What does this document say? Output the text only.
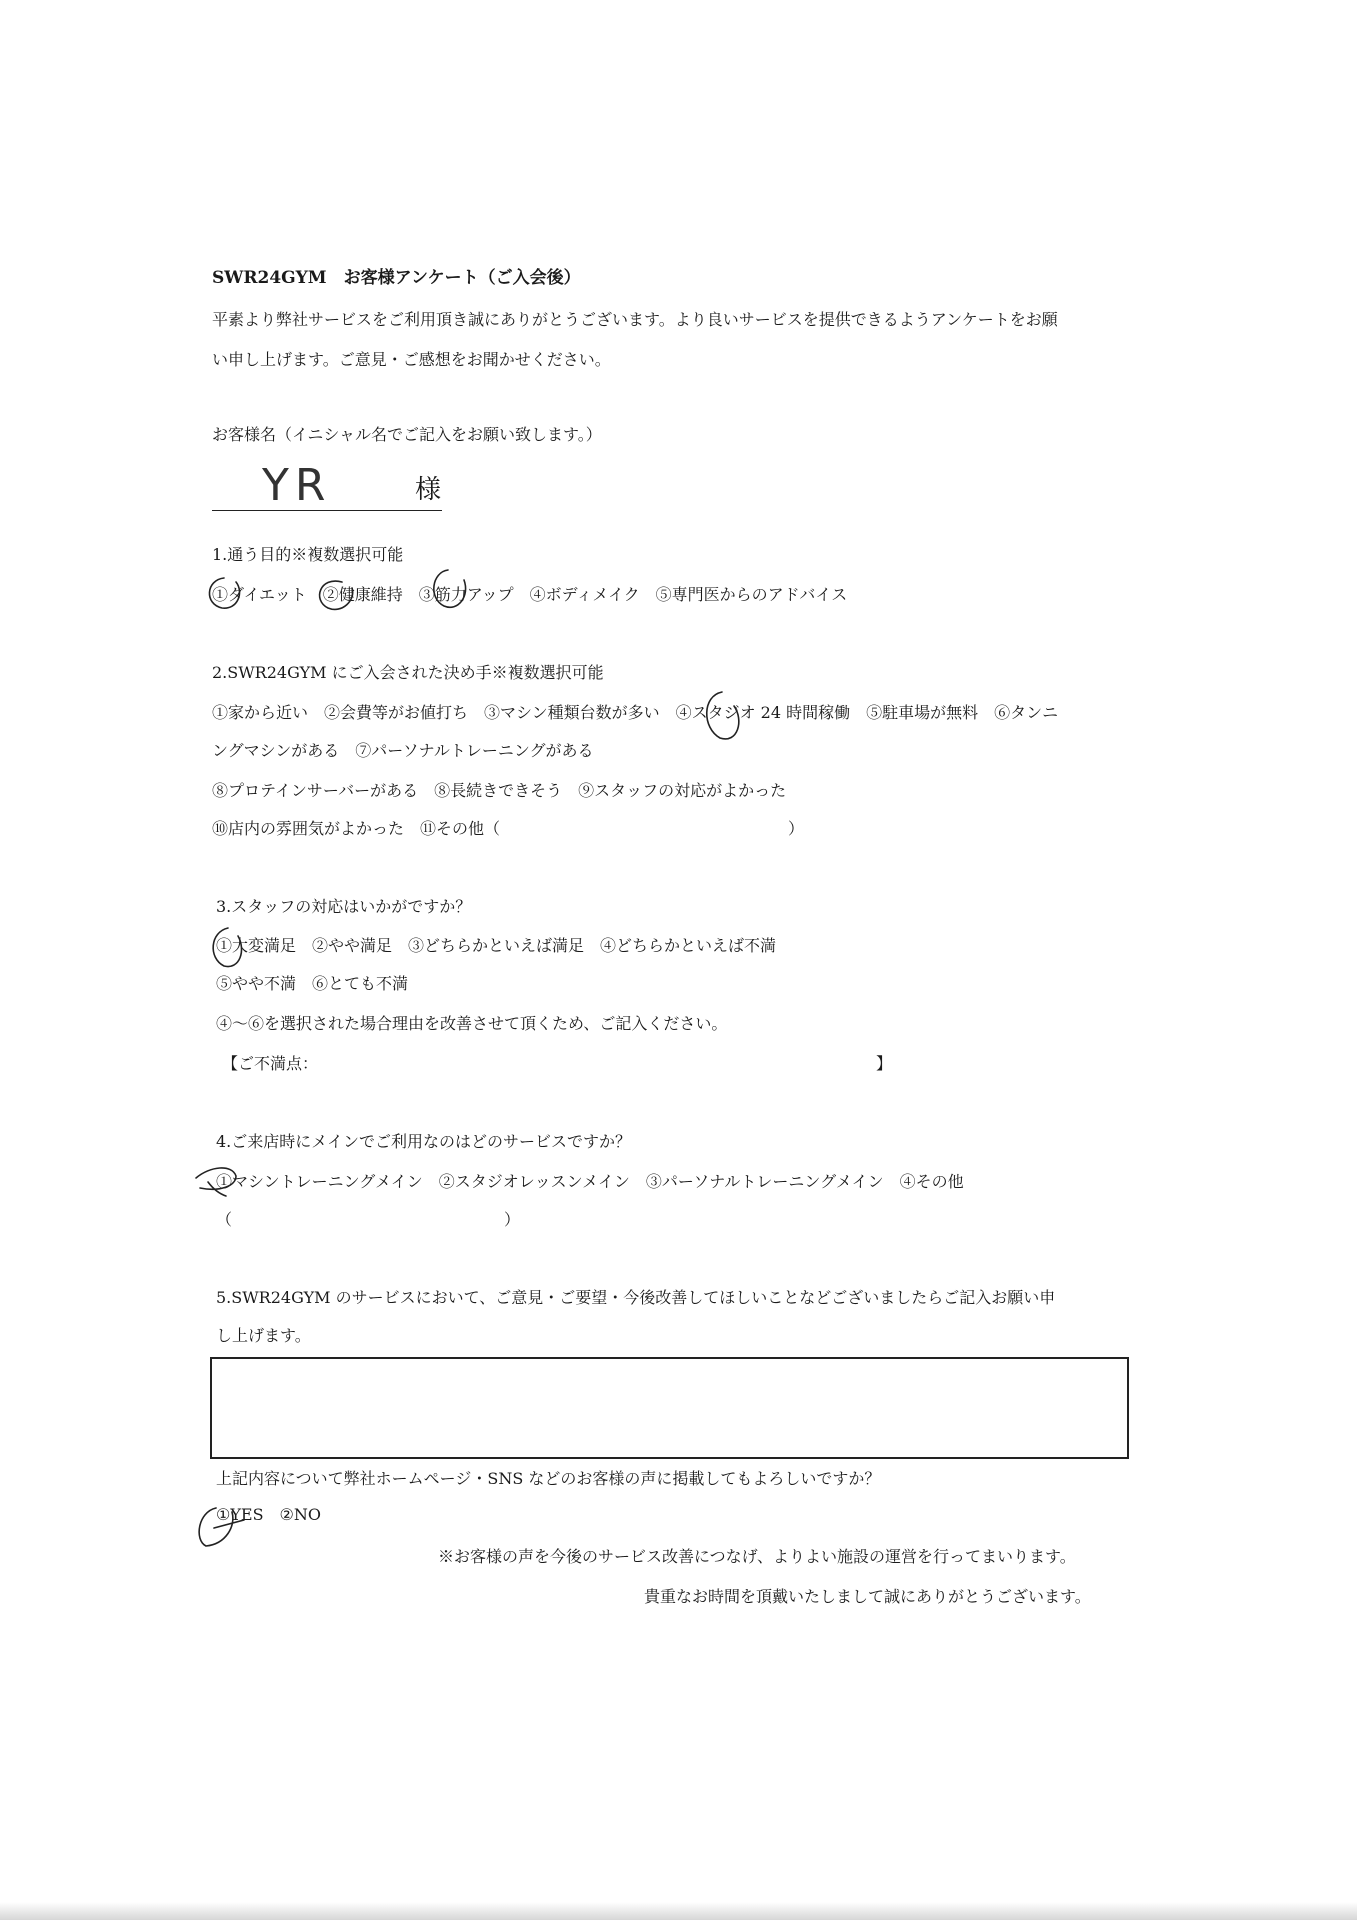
SWR24GYM　お客様アンケート（ご入会後）
平素より弊社サービスをご利用頂き誠にありがとうございます。より良いサービスを提供できるようアンケートをお願
い申し上げます。ご意見・ご感想をお聞かせください。
お客様名（イニシャル名でご記入をお願い致します。）
YR	様
1.通う目的※複数選択可能
①ダイエット　②健康維持　③筋力アップ　④ボディメイク　⑤専門医からのアドバイス
2.SWR24GYM にご入会された決め手※複数選択可能
①家から近い　②会費等がお値打ち　③マシン種類台数が多い　④スタジオ 24 時間稼働　⑤駐車場が無料　⑥タンニ
ングマシンがある　⑦パーソナルトレーニングがある
⑧プロテインサーバーがある　⑧長続きできそう　⑨スタッフの対応がよかった
⑩店内の雰囲気がよかった　⑪その他（　　　　　　　　　　　　　　　　　　）
3.スタッフの対応はいかがですか？
①大変満足　②やや満足　③どちらかといえば満足　④どちらかといえば不満
⑤やや不満　⑥とても不満
④～⑥を選択された場合理由を改善させて頂くため、ご記入ください。
【ご不満点：	】
4.ご来店時にメインでご利用なのはどのサービスですか？
①マシントレーニングメイン　②スタジオレッスンメイン　③パーソナルトレーニングメイン　④その他
（　　　　　　　　　　　　　　　　　）
5.SWR24GYM のサービスにおいて、ご意見・ご要望・今後改善してほしいことなどございましたらご記入お願い申
し上げます。
上記内容について弊社ホームページ・SNS などのお客様の声に掲載してもよろしいですか？
①YES　②NO
※お客様の声を今後のサービス改善につなげ、よりよい施設の運営を行ってまいります。
貴重なお時間を頂戴いたしまして誠にありがとうございます。
